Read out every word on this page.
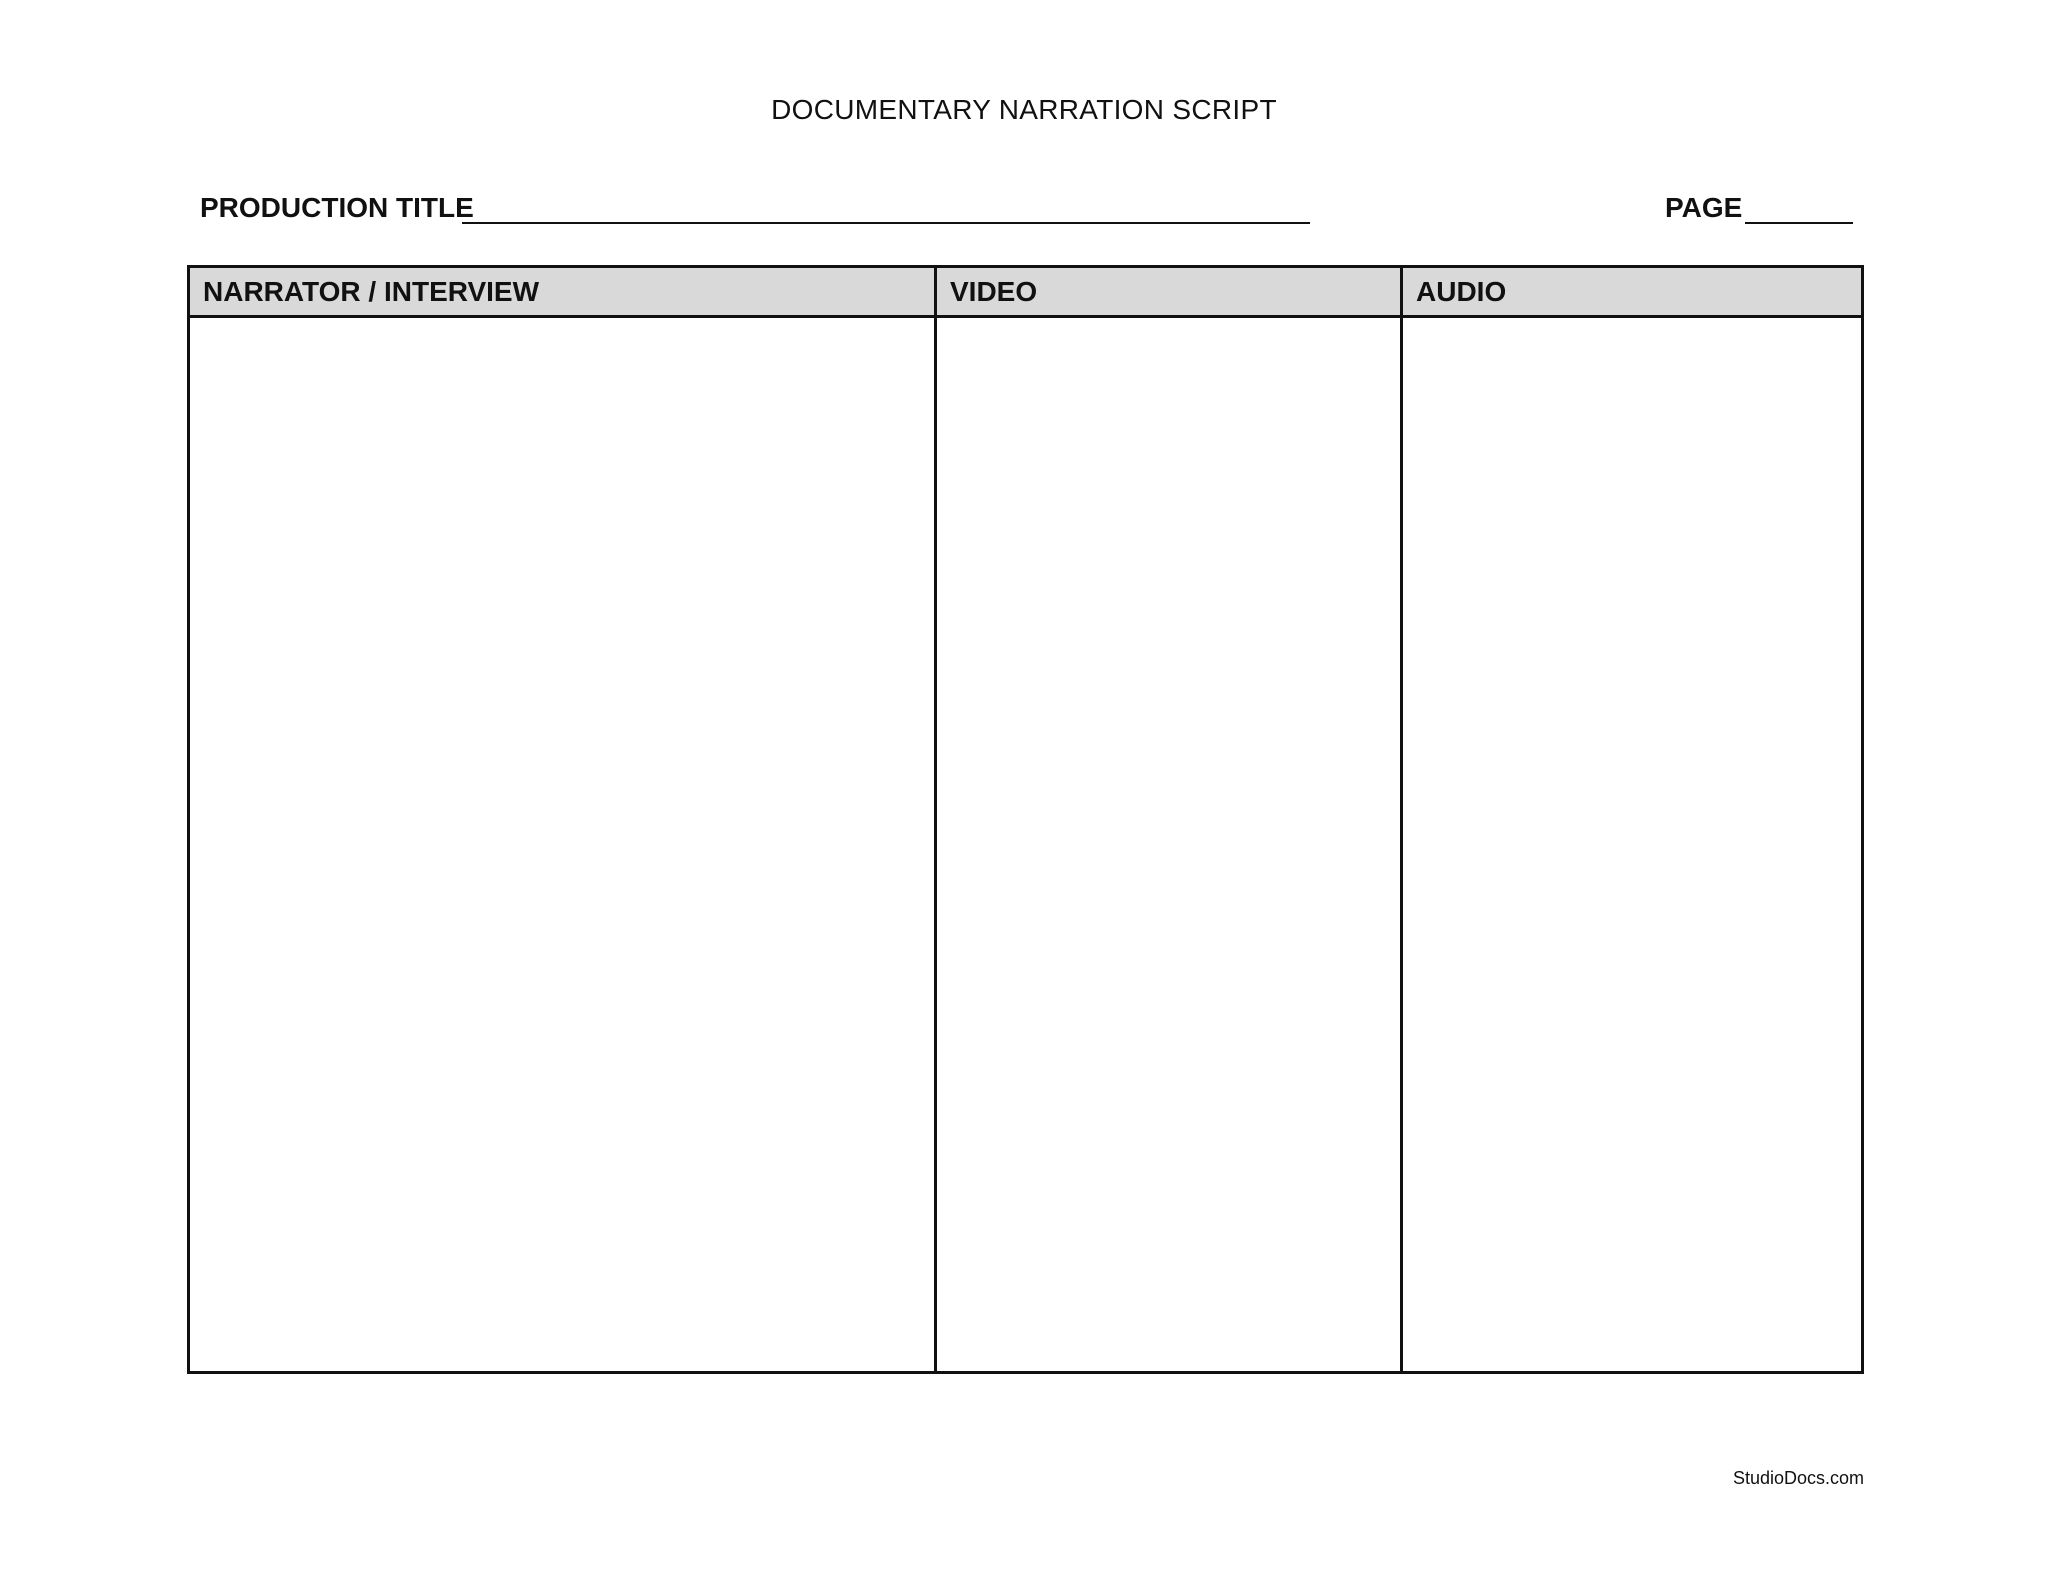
DOCUMENTARY NARRATION SCRIPT
PRODUCTION TITLE	PAGE
NARRATOR / INTERVIEW	VIDEO	AUDIO
StudioDocs.com
